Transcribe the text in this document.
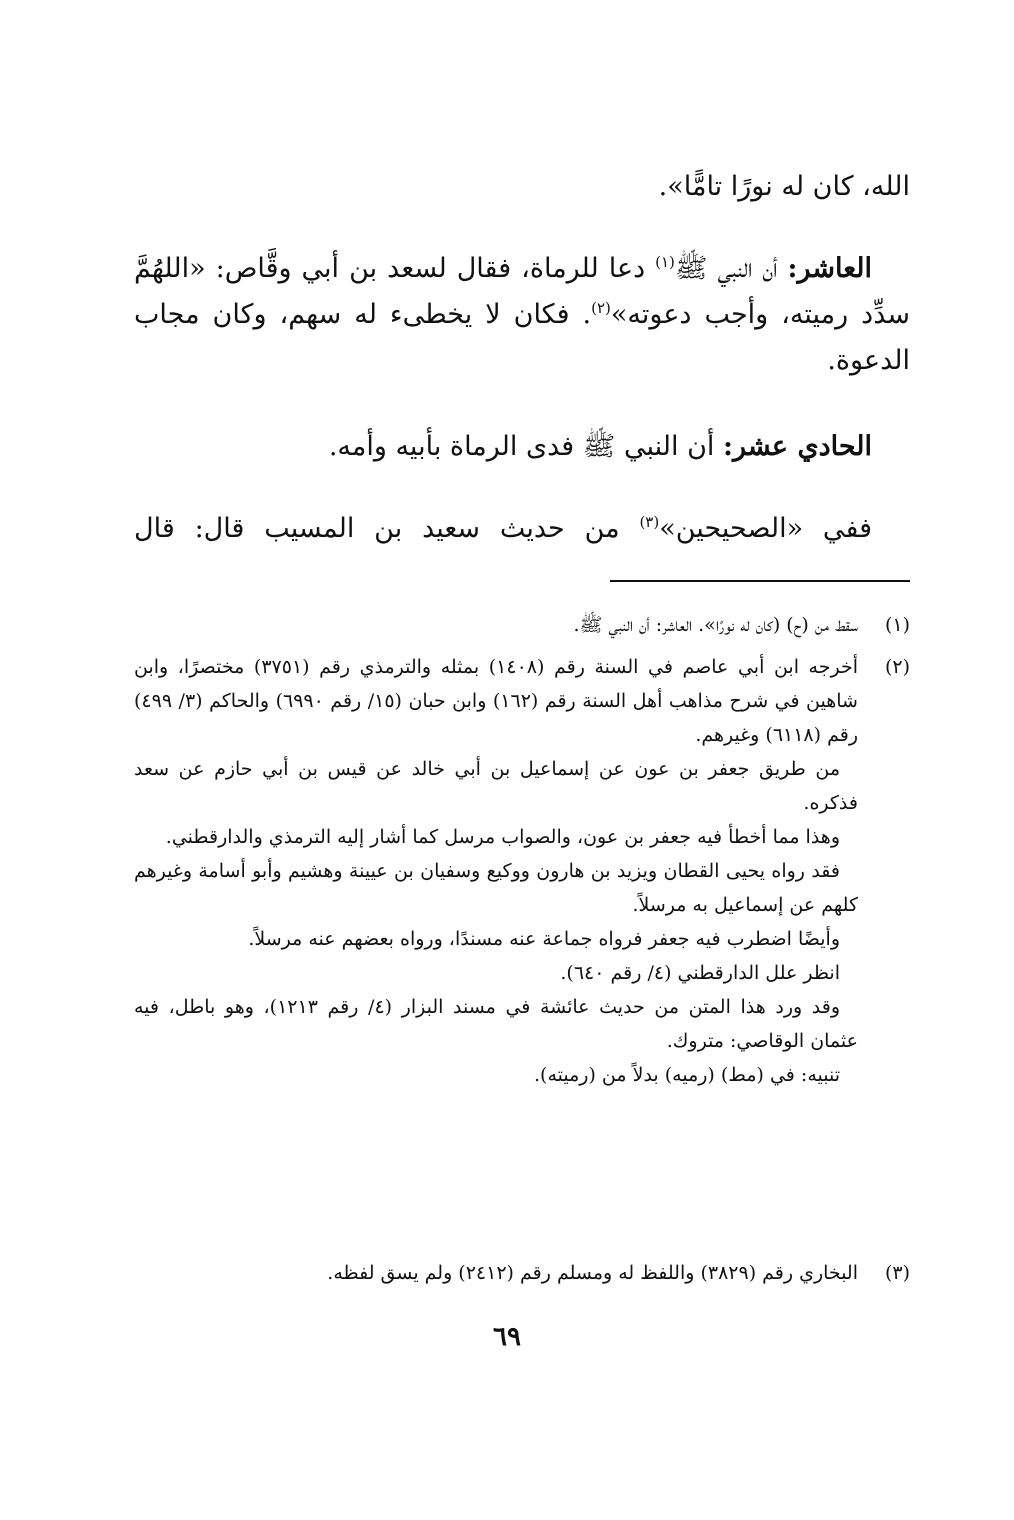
الله، كان له نورًا تامًّا».
العاشر: أن النبي ﷺ$^{(١)}$ دعا للرماة، فقال لسعد بن أبي وقَّاص: «اللهُمَّ سدِّد رميته، وأجب دعوته»$^{(٢)}$. فكان لا يخطىء له سهم، وكان مجاب الدعوة.
الحادي عشر: أن النبي ﷺ فدى الرماة بأبيه وأمه.
ففي «الصحيحين»$^{(٣)}$ من حديث سعيد بن المسيب قال: قال
(١)
سقط من (ح) (كان له نورًا». العاشر: أن النبي ﷺ.
(٢)
أخرجه ابن أبي عاصم في السنة رقم (١٤٠٨) بمثله والترمذي رقم (٣٧٥١) مختصرًا، وابن شاهين في شرح مذاهب أهل السنة رقم (١٦٢) وابن حبان (١٥/ رقم ٦٩٩٠) والحاكم (٣/ ٤٩٩) رقم (٦١١٨) وغيرهم.
من طريق جعفر بن عون عن إسماعيل بن أبي خالد عن قيس بن أبي حازم عن سعد فذكره.
وهذا مما أخطأ فيه جعفر بن عون، والصواب مرسل كما أشار إليه الترمذي والدارقطني.
فقد رواه يحيى القطان ويزيد بن هارون ووكيع وسفيان بن عيينة وهشيم وأبو أسامة وغيرهم كلهم عن إسماعيل به مرسلاً.
وأيضًا اضطرب فيه جعفر فرواه جماعة عنه مسندًا، ورواه بعضهم عنه مرسلاً.
انظر علل الدارقطني (٤/ رقم ٦٤٠).
وقد ورد هذا المتن من حديث عائشة في مسند البزار (٤/ رقم ١٢١٣)، وهو باطل، فيه عثمان الوقاصي: متروك.
تنبيه: في (مط) (رميه) بدلاً من (رميته).
(٣)
البخاري رقم (٣٨٢٩) واللفظ له ومسلم رقم (٢٤١٢) ولم يسق لفظه.
٦٩
